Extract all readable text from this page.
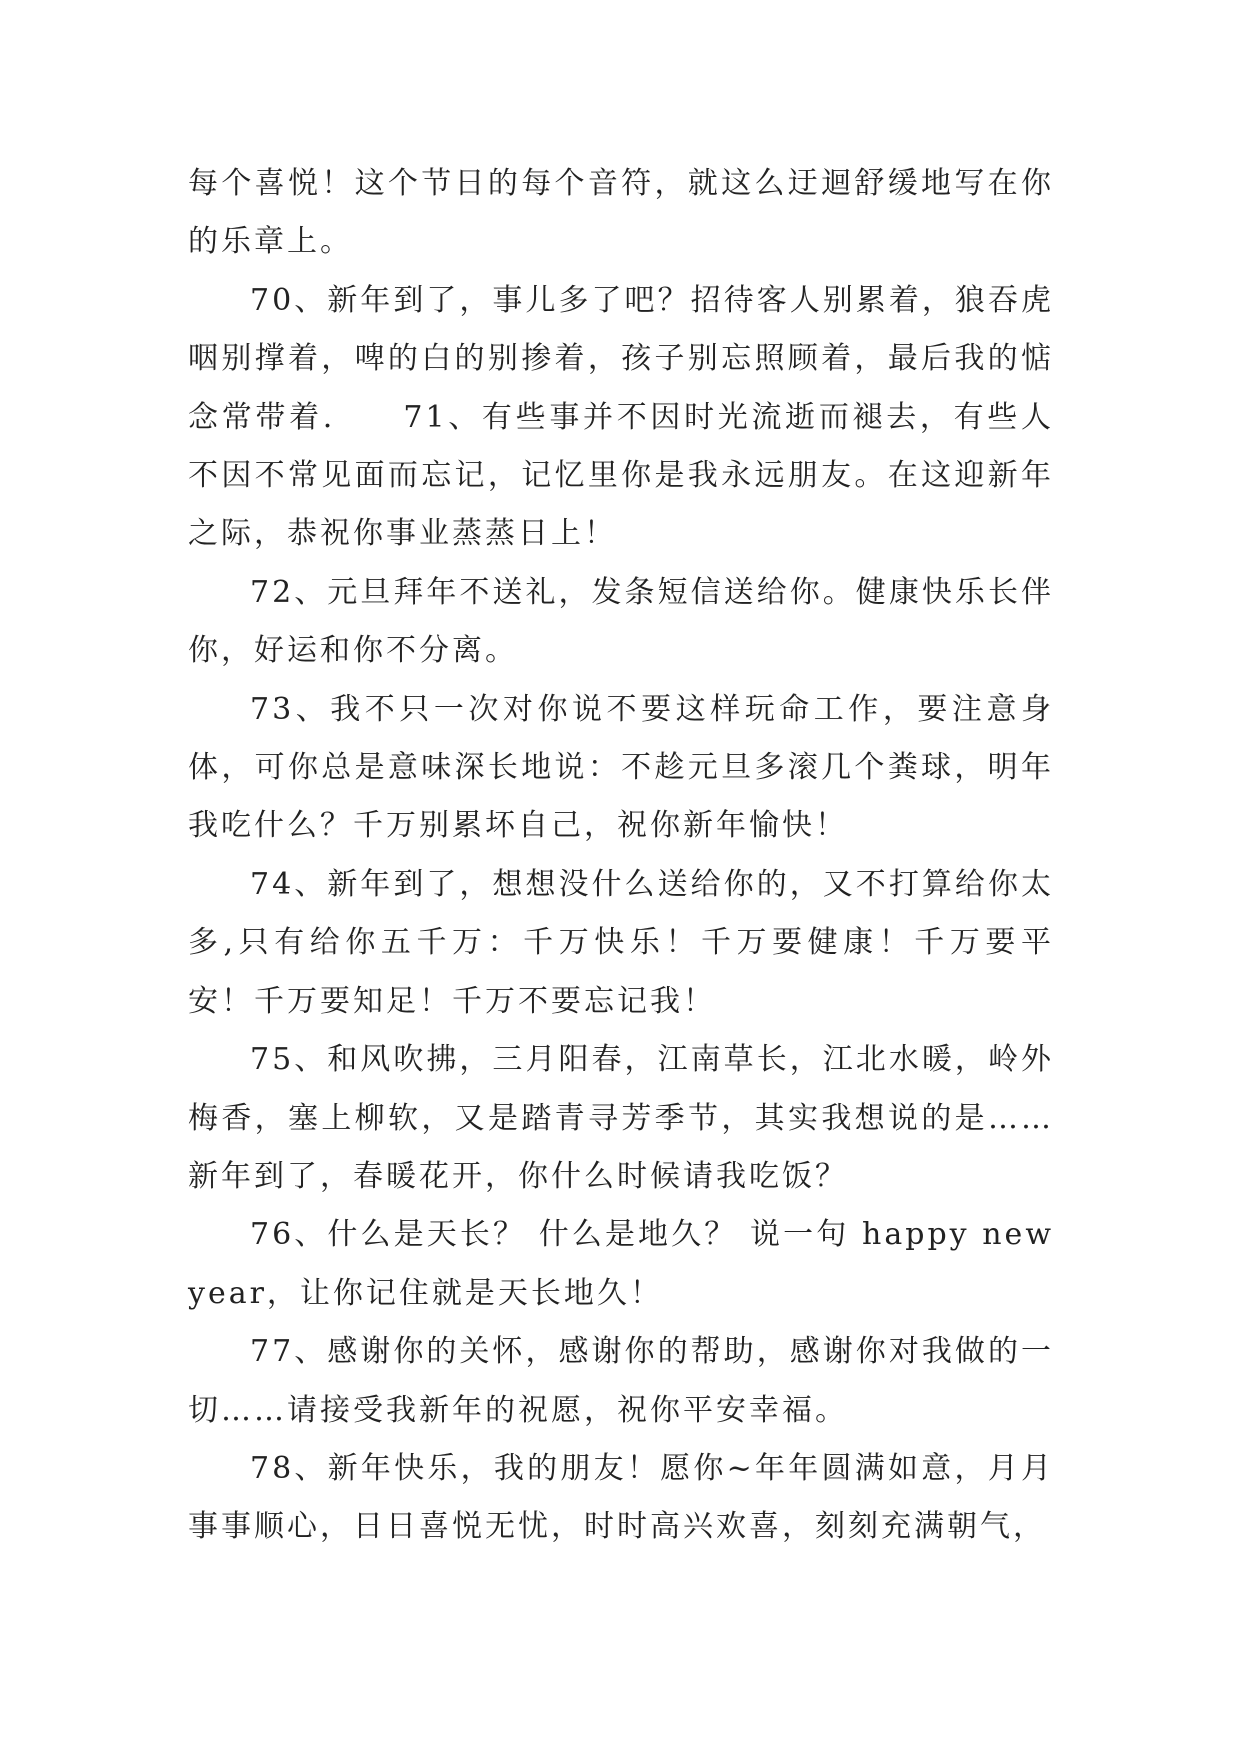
每个喜悦！这个节日的每个音符，就这么迂迴舒缓地写在你的乐章上。

70、新年到了，事儿多了吧？招待客人别累着，狼吞虎咽别撑着，啤的白的别掺着，孩子别忘照顾着，最后我的惦念常带着.　　71、有些事并不因时光流逝而褪去，有些人不因不常见面而忘记，记忆里你是我永远朋友。在这迎新年之际，恭祝你事业蒸蒸日上！

72、元旦拜年不送礼，发条短信送给你。健康快乐长伴你，好运和你不分离。

73、我不只一次对你说不要这样玩命工作，要注意身体，可你总是意味深长地说：不趁元旦多滚几个粪球，明年我吃什么？千万别累坏自己，祝你新年愉快！

74、新年到了，想想没什么送给你的，又不打算给你太多,只有给你五千万：千万快乐！千万要健康！千万要平安！千万要知足！千万不要忘记我！

75、和风吹拂，三月阳春，江南草长，江北水暖，岭外梅香，塞上柳软，又是踏青寻芳季节，其实我想说的是……新年到了，春暖花开，你什么时候请我吃饭？

76、什么是天长？ 什么是地久？ 说一句 happy new year，让你记住就是天长地久！

77、感谢你的关怀，感谢你的帮助，感谢你对我做的一切……请接受我新年的祝愿，祝你平安幸福。

78、新年快乐，我的朋友！愿你~年年圆满如意，月月事事顺心，日日喜悦无忧，时时高兴欢喜，刻刻充满朝气，
